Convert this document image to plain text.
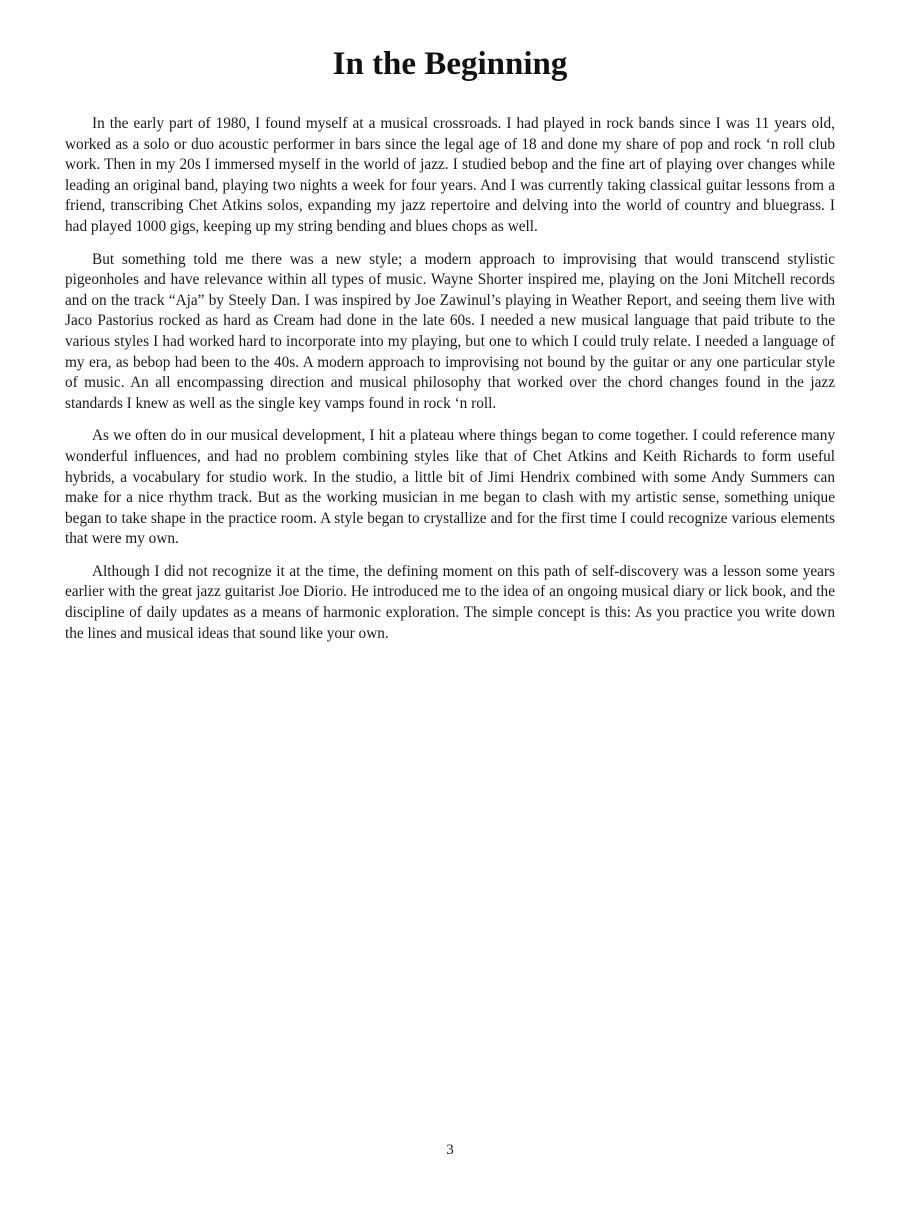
In the Beginning

In the early part of 1980, I found myself at a musical crossroads. I had played in rock bands since I was 11 years old, worked as a solo or duo acoustic performer in bars since the legal age of 18 and done my share of pop and rock ‘n roll club work. Then in my 20s I immersed myself in the world of jazz. I studied bebop and the fine art of playing over changes while leading an original band, playing two nights a week for four years. And I was currently taking classical guitar lessons from a friend, transcribing Chet Atkins solos, expanding my jazz repertoire and delving into the world of country and bluegrass. I had played 1000 gigs, keeping up my string bending and blues chops as well.

But something told me there was a new style; a modern approach to improvising that would transcend stylistic pigeonholes and have relevance within all types of music. Wayne Shorter inspired me, playing on the Joni Mitchell records and on the track “Aja” by Steely Dan. I was inspired by Joe Zawinul’s playing in Weather Report, and seeing them live with Jaco Pastorius rocked as hard as Cream had done in the late 60s. I needed a new musical language that paid tribute to the various styles I had worked hard to incorporate into my playing, but one to which I could truly relate. I needed a language of my era, as bebop had been to the 40s. A modern approach to improvising not bound by the guitar or any one particular style of music. An all encompassing direction and musical philosophy that worked over the chord changes found in the jazz standards I knew as well as the single key vamps found in rock ‘n roll.

As we often do in our musical development, I hit a plateau where things began to come together. I could reference many wonderful influences, and had no problem combining styles like that of Chet Atkins and Keith Richards to form useful hybrids, a vocabulary for studio work. In the studio, a little bit of Jimi Hendrix combined with some Andy Summers can make for a nice rhythm track. But as the working musician in me began to clash with my artistic sense, something unique began to take shape in the practice room. A style began to crystallize and for the first time I could recognize various elements that were my own.

Although I did not recognize it at the time, the defining moment on this path of self-discovery was a lesson some years earlier with the great jazz guitarist Joe Diorio. He introduced me to the idea of an ongoing musical diary or lick book, and the discipline of daily updates as a means of harmonic exploration. The simple concept is this: As you practice you write down the lines and musical ideas that sound like your own.

3
